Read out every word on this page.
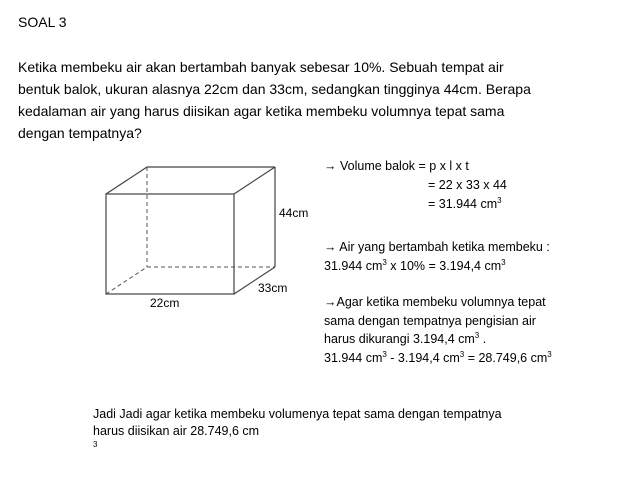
SOAL 3
Ketika membeku air akan bertambah banyak sebesar 10%. Sebuah tempat air
bentuk balok, ukuran alasnya 22cm dan 33cm, sedangkan tingginya 44cm. Berapa
kedalaman air yang harus diisikan agar ketika membeku volumnya tepat sama
dengan tempatnya?
44cm
33cm
22cm
→ Volume balok = p x l x t
= 22 x 33 x 44
= 31.944 $cm^3$
→ Air yang bertambah ketika membeku :
31.944 $cm^3$ x 10% = 3.194,4 $cm^3$
→Agar ketika membeku volumnya tepat
sama dengan tempatnya pengisian air
harus dikurangi 3.194,4 $cm^3$ .
31.944 $cm^3 - 3.194,4$ $cm^3 = 28.749,6$ $cm^3$
Jadi Jadi agar ketika membeku volumenya tepat sama dengan tempatnya
harus diisikan air 28.749,6 cm
$^3$
